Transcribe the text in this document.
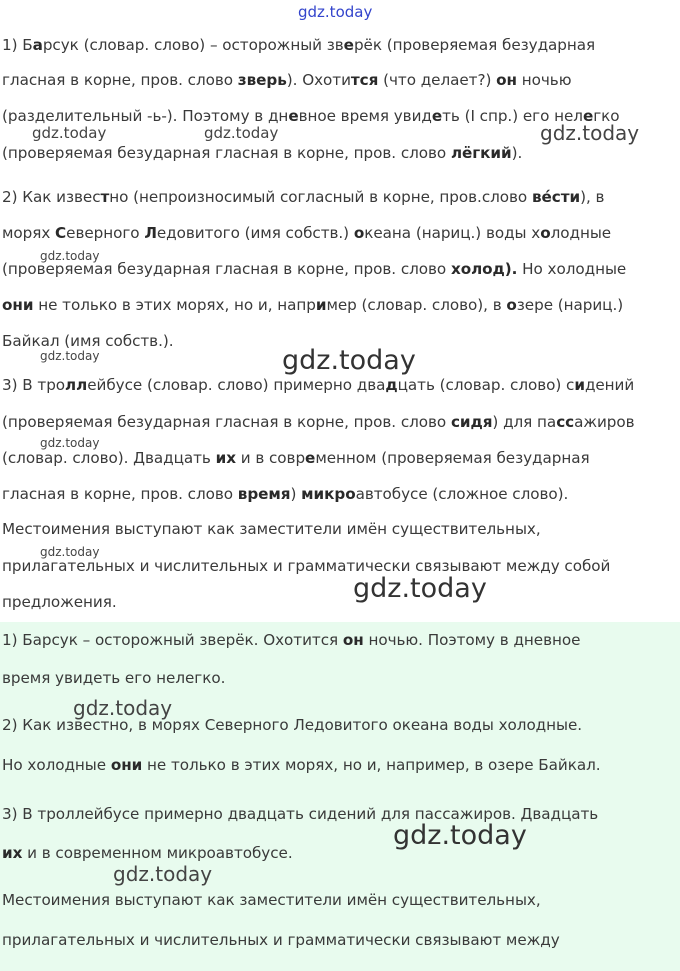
gdz.today
1) Барсук (словар. слово) – осторожный зверёк (проверяемая безударная
гласная в корне, пров. слово зверь). Охотится (что делает?) он ночью
(разделительный -ь-). Поэтому в дневное время увидеть (I спр.) его нелегко
gdz.today	gdz.today	gdz.today
(проверяемая безударная гласная в корне, пров. слово лёгкий).
2) Как известно (непроизносимый согласный в корне, пров.слово ве́сти), в
морях Северного Ледовитого (имя собств.) океана (нариц.) воды холодные
gdz.today
(проверяемая безударная гласная в корне, пров. слово холод). Но холодные
они не только в этих морях, но и, например (словар. слово), в озере (нариц.)
Байкал (имя собств.).
gdz.today	gdz.today
3) В троллейбусе (словар. слово) примерно двадцать (словар. слово) сидений
(проверяемая безударная гласная в корне, пров. слово сидя) для пассажиров
gdz.today
(словар. слово). Двадцать их и в современном (проверяемая безударная
гласная в корне, пров. слово время) микроавтобусе (сложное слово).
Местоимения выступают как заместители имён существительных,
gdz.today
прилагательных и числительных и грамматически связывают между собой
gdz.today
предложения.
1) Барсук – осторожный зверёк. Охотится он ночью. Поэтому в дневное
время увидеть его нелегко.
gdz.today
2) Как известно, в морях Северного Ледовитого океана воды холодные.
Но холодные они не только в этих морях, но и, например, в озере Байкал.
3) В троллейбусе примерно двадцать сидений для пассажиров. Двадцать
gdz.today
их и в современном микроавтобусе.
gdz.today
Местоимения выступают как заместители имён существительных,
прилагательных и числительных и грамматически связывают между
